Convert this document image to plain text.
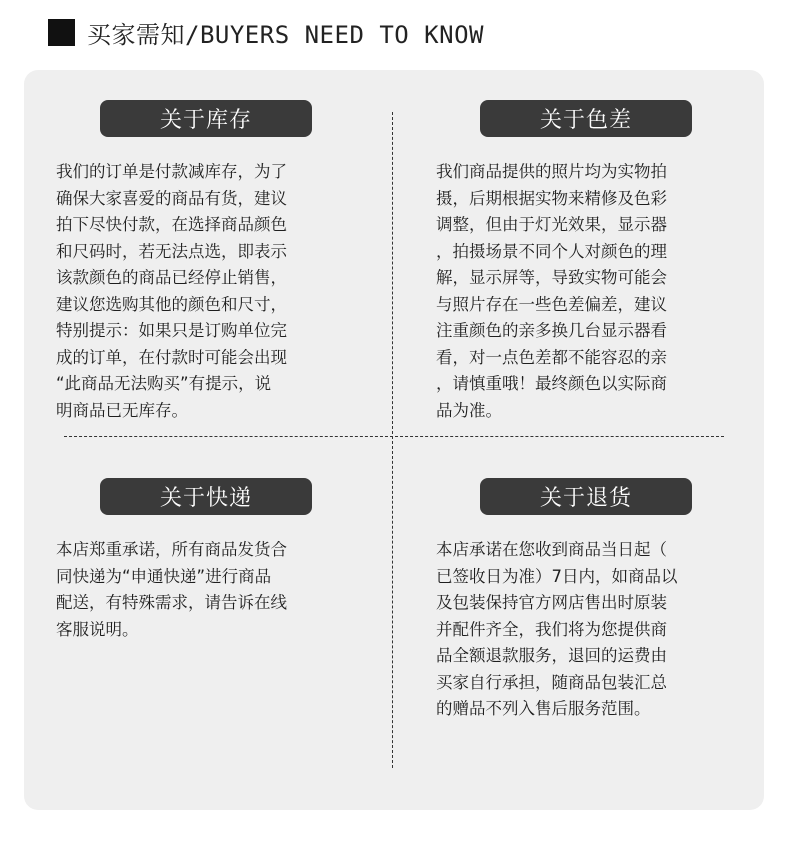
买家需知/BUYERS NEED TO KNOW
关于库存
我们的订单是付款减库存，为了
确保大家喜爱的商品有货，建议
拍下尽快付款，在选择商品颜色
和尺码时，若无法点选，即表示
该款颜色的商品已经停止销售，
建议您选购其他的颜色和尺寸，
特别提示：如果只是订购单位完
成的订单，在付款时可能会出现
“此商品无法购买”有提示，说
明商品已无库存。
关于色差
我们商品提供的照片均为实物拍
摄，后期根据实物来精修及色彩
调整，但由于灯光效果，显示器
，拍摄场景不同个人对颜色的理
解，显示屏等，导致实物可能会
与照片存在一些色差偏差，建议
注重颜色的亲多换几台显示器看
看，对一点色差都不能容忍的亲
，请慎重哦！最终颜色以实际商
品为准。
关于快递
本店郑重承诺，所有商品发货合
同快递为“申通快递”进行商品
配送，有特殊需求，请告诉在线
客服说明。
关于退货
本店承诺在您收到商品当日起（
已签收日为准）7日内，如商品以
及包装保持官方网店售出时原装
并配件齐全，我们将为您提供商
品全额退款服务，退回的运费由
买家自行承担，随商品包装汇总
的赠品不列入售后服务范围。
